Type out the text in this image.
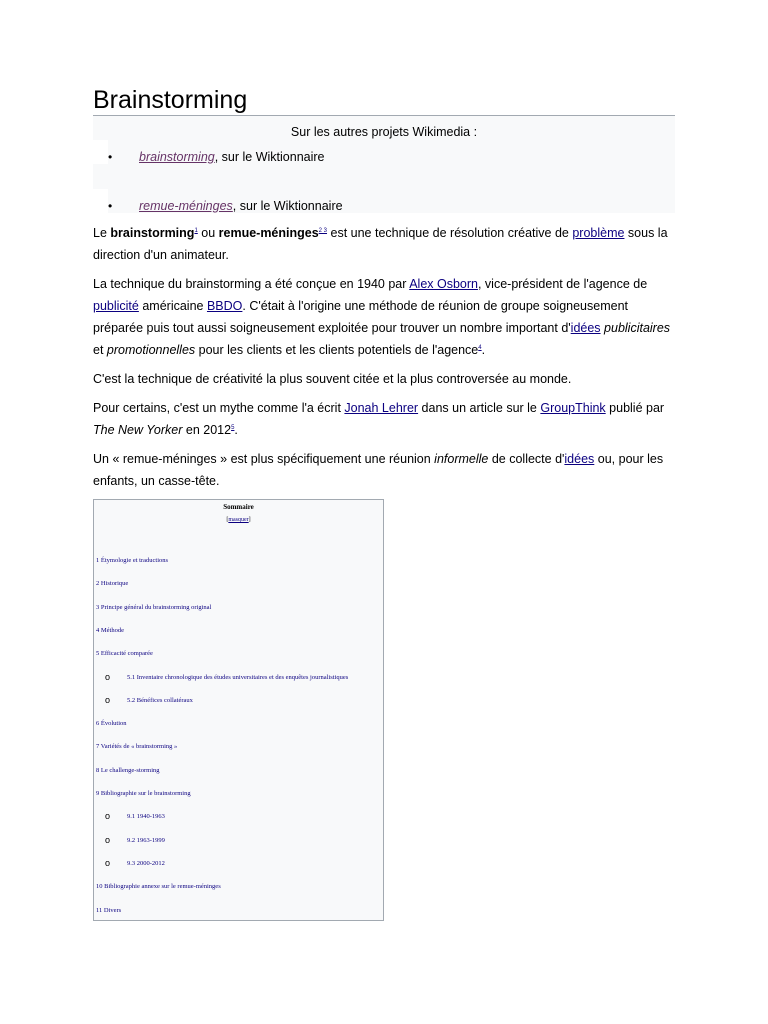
Brainstorming
Sur les autres projets Wikimedia :
• brainstorming, sur le Wiktionnaire
• remue-méninges, sur le Wiktionnaire

Le brainstorming$^1$ ou remue-méninges$^{2 3}$ est une technique de résolution créative de problème sous la direction d'un animateur.

La technique du brainstorming a été conçue en 1940 par Alex Osborn, vice-président de l'agence de publicité américaine BBDO. C'était à l'origine une méthode de réunion de groupe soigneusement préparée puis tout aussi soigneusement exploitée pour trouver un nombre important d'idées publicitaires et promotionnelles pour les clients et les clients potentiels de l'agence$^4$.

C'est la technique de créativité la plus souvent citée et la plus controversée au monde.

Pour certains, c'est un mythe comme l'a écrit Jonah Lehrer dans un article sur le GroupThink publié par The New Yorker en 2012$^5$.

Un « remue-méninges » est plus spécifiquement une réunion informelle de collecte d'idées ou, pour les enfants, un casse-tête.

Sommaire
[masquer]
1 Étymologie et traductions
2 Historique
3 Principe général du brainstorming original
4 Méthode
5 Efficacité comparée
o	5.1 Inventaire chronologique des études universitaires et des enquêtes journalistiques
o	5.2 Bénéfices collatéraux
6 Évolution
7 Variétés de « brainstorming »
8 Le challenge-storming
9 Bibliographie sur le brainstorming
o	9.1 1940-1963
o	9.2 1963-1999
o	9.3 2000-2012
10 Bibliographie annexe sur le remue-méninges
11 Divers
